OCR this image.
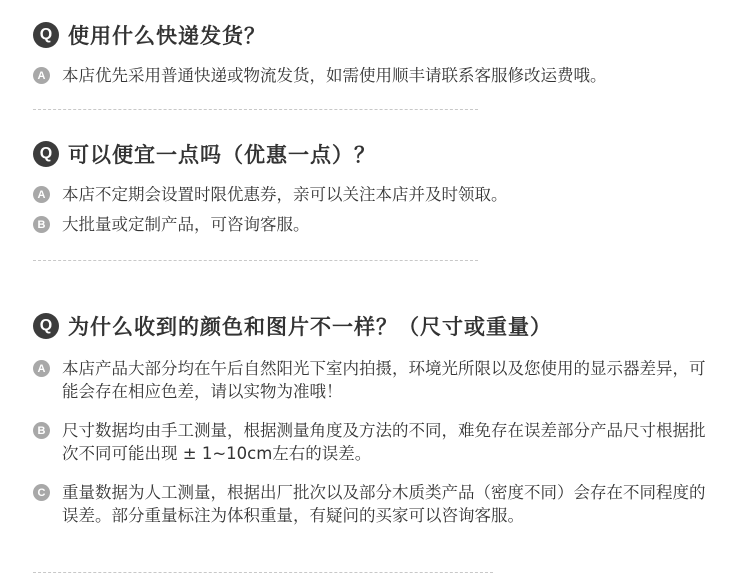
Q 使用什么快递发货？
A 本店优先采用普通快递或物流发货，如需使用顺丰请联系客服修改运费哦。
Q 可以便宜一点吗（优惠一点）？
A 本店不定期会设置时限优惠券，亲可以关注本店并及时领取。
B 大批量或定制产品，可咨询客服。
Q 为什么收到的颜色和图片不一样？（尺寸或重量）
A 本店产品大部分均在午后自然阳光下室内拍摄，环境光所限以及您使用的显示器差异，可能会存在相应色差，请以实物为准哦！
B 尺寸数据均由手工测量，根据测量角度及方法的不同，难免存在误差部分产品尺寸根据批次不同可能出现 ± 1~10cm左右的误差。
C 重量数据为人工测量，根据出厂批次以及部分木质类产品（密度不同）会存在不同程度的误差。部分重量标注为体积重量，有疑问的买家可以咨询客服。
